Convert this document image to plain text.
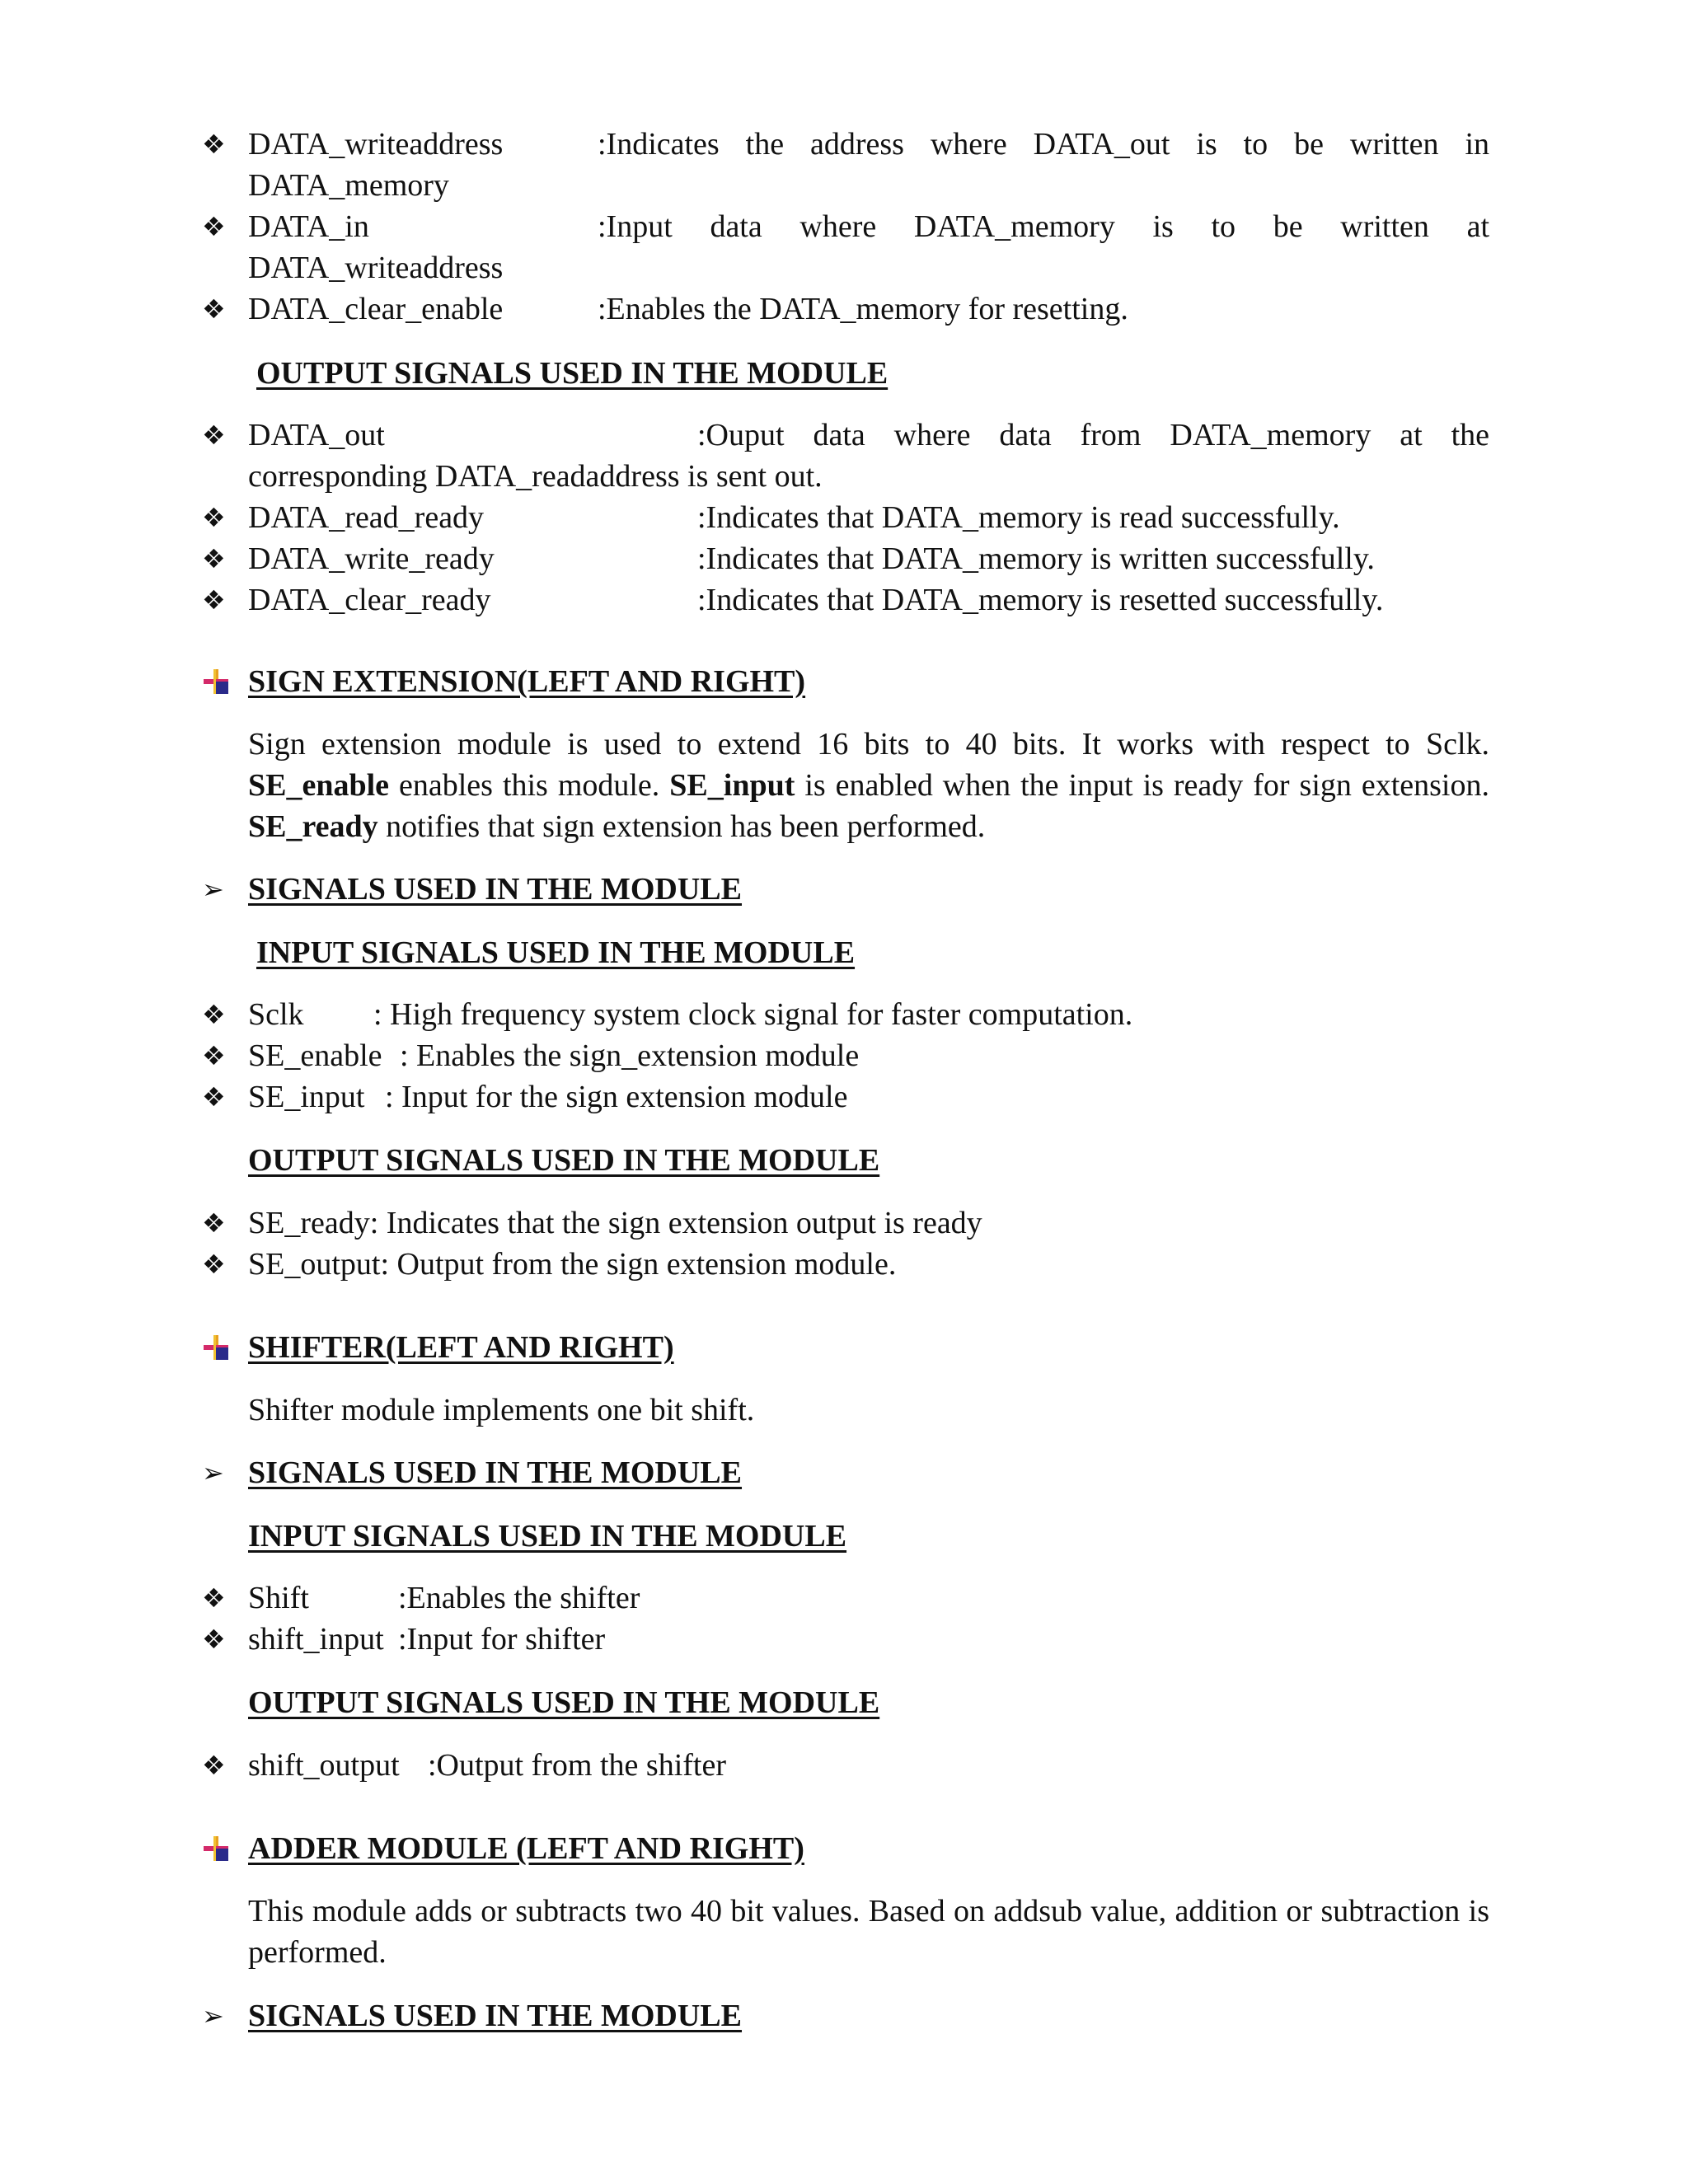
❖ DATA_writeaddress	:Indicates the address where DATA_out is to be written in
DATA_memory
❖ DATA_in	:Input data where DATA_memory is to be written at
DATA_writeaddress
❖ DATA_clear_enable	:Enables the DATA_memory for resetting.
OUTPUT SIGNALS USED IN THE MODULE
❖ DATA_out	:Ouput data where data from DATA_memory at the
corresponding DATA_readaddress is sent out.
❖ DATA_read_ready	:Indicates that DATA_memory is read successfully.
❖ DATA_write_ready	:Indicates that DATA_memory is written successfully.
❖ DATA_clear_ready	:Indicates that DATA_memory is resetted successfully.
SIGN EXTENSION(LEFT AND RIGHT)
Sign extension module is used to extend 16 bits to 40 bits. It works with respect to Sclk. SE_enable enables this module. SE_input is enabled when the input is ready for sign extension. SE_ready notifies that sign extension has been performed.
➢ SIGNALS USED IN THE MODULE
INPUT SIGNALS USED IN THE MODULE
❖ Sclk	: High frequency system clock signal for faster computation.
❖ SE_enable : Enables the sign_extension module
❖ SE_input : Input for the sign extension module
OUTPUT SIGNALS USED IN THE MODULE
❖ SE_ready: Indicates that the sign extension output is ready
❖ SE_output: Output from the sign extension module.
SHIFTER(LEFT AND RIGHT)
Shifter module implements one bit shift.
➢ SIGNALS USED IN THE MODULE
INPUT SIGNALS USED IN THE MODULE
❖ Shift	:Enables the shifter
❖ shift_input :Input for shifter
OUTPUT SIGNALS USED IN THE MODULE
❖ shift_output :Output from the shifter
ADDER MODULE (LEFT AND RIGHT)
This module adds or subtracts two 40 bit values. Based on addsub value, addition or subtraction is performed.
➢ SIGNALS USED IN THE MODULE
